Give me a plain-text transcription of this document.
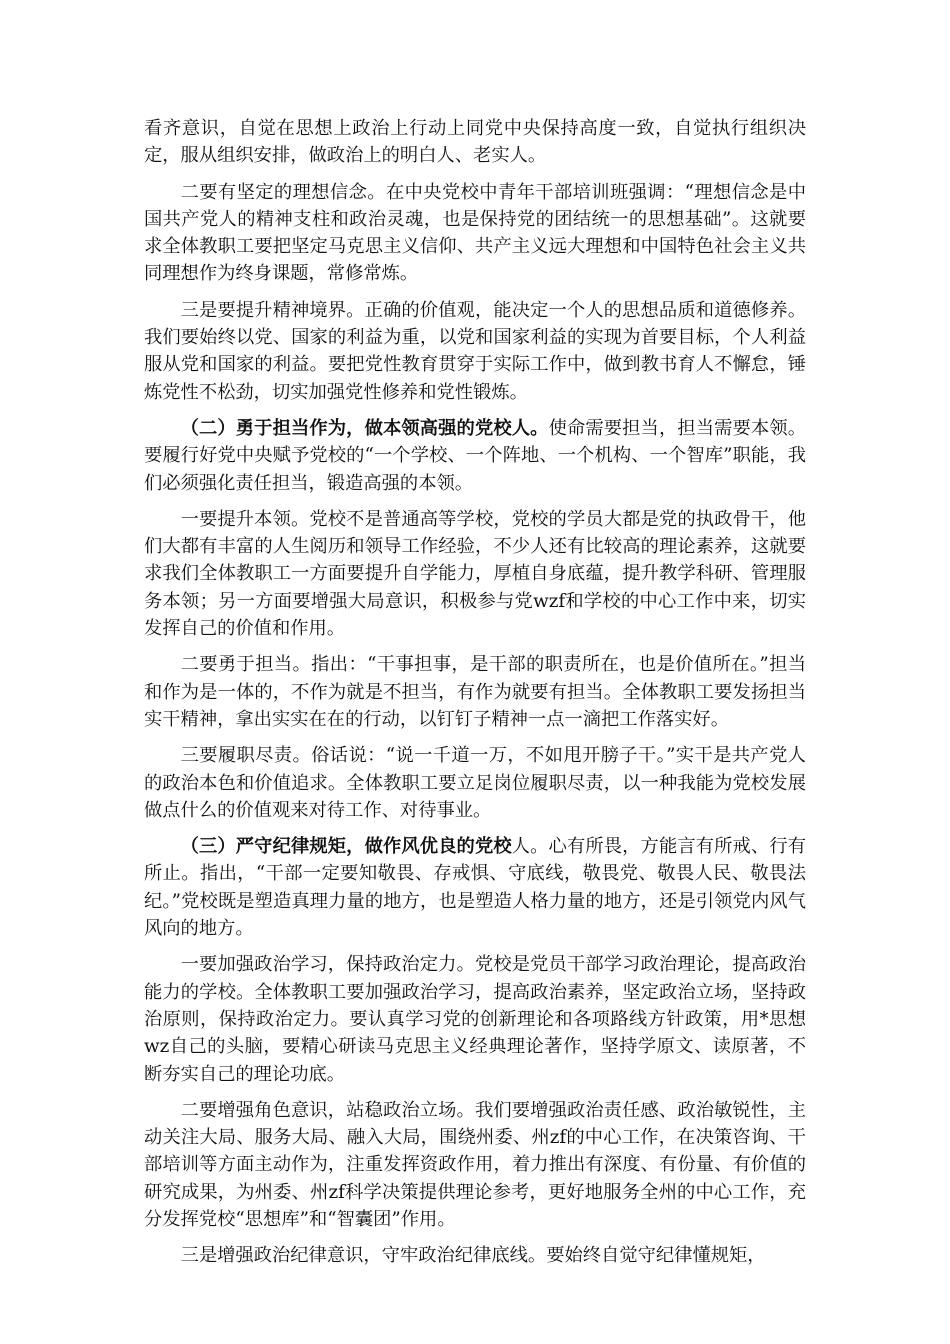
看齐意识，自觉在思想上政治上行动上同党中央保持高度一致，自觉执行组织决定，服从组织安排，做政治上的明白人、老实人。

二要有坚定的理想信念。在中央党校中青年干部培训班强调：“理想信念是中国共产党人的精神支柱和政治灵魂，也是保持党的团结统一的思想基础”。这就要求全体教职工要把坚定马克思主义信仰、共产主义远大理想和中国特色社会主义共同理想作为终身课题，常修常炼。

三是要提升精神境界。正确的价值观，能决定一个人的思想品质和道德修养。我们要始终以党、国家的利益为重，以党和国家利益的实现为首要目标，个人利益服从党和国家的利益。要把党性教育贯穿于实际工作中，做到教书育人不懈怠，锤炼党性不松劲，切实加强党性修养和党性锻炼。

（二）勇于担当作为，做本领高强的党校人。使命需要担当，担当需要本领。要履行好党中央赋予党校的“一个学校、一个阵地、一个机构、一个智库”职能，我们必须强化责任担当，锻造高强的本领。

一要提升本领。党校不是普通高等学校，党校的学员大都是党的执政骨干，他们大都有丰富的人生阅历和领导工作经验，不少人还有比较高的理论素养，这就要求我们全体教职工一方面要提升自学能力，厚植自身底蕴，提升教学科研、管理服务本领；另一方面要增强大局意识，积极参与党wzf和学校的中心工作中来，切实发挥自己的价值和作用。

二要勇于担当。指出：“干事担事，是干部的职责所在，也是价值所在。”担当和作为是一体的，不作为就是不担当，有作为就要有担当。全体教职工要发扬担当实干精神，拿出实实在在的行动，以钉钉子精神一点一滴把工作落实好。

三要履职尽责。俗话说：“说一千道一万，不如甩开膀子干。”实干是共产党人的政治本色和价值追求。全体教职工要立足岗位履职尽责，以一种我能为党校发展做点什么的价值观来对待工作、对待事业。

（三）严守纪律规矩，做作风优良的党校人。心有所畏，方能言有所戒、行有所止。指出，“干部一定要知敬畏、存戒惧、守底线，敬畏党、敬畏人民、敬畏法纪。”党校既是塑造真理力量的地方，也是塑造人格力量的地方，还是引领党内风气风向的地方。

一要加强政治学习，保持政治定力。党校是党员干部学习政治理论，提高政治能力的学校。全体教职工要加强政治学习，提高政治素养，坚定政治立场，坚持政治原则，保持政治定力。要认真学习党的创新理论和各项路线方针政策，用*思想wz自己的头脑，要精心研读马克思主义经典理论著作，坚持学原文、读原著，不断夯实自己的理论功底。

二要增强角色意识，站稳政治立场。我们要增强政治责任感、政治敏锐性，主动关注大局、服务大局、融入大局，围绕州委、州zf的中心工作，在决策咨询、干部培训等方面主动作为，注重发挥资政作用，着力推出有深度、有份量、有价值的研究成果，为州委、州zf科学决策提供理论参考，更好地服务全州的中心工作，充分发挥党校“思想库”和“智囊团”作用。

三是增强政治纪律意识，守牢政治纪律底线。要始终自觉守纪律懂规矩，
